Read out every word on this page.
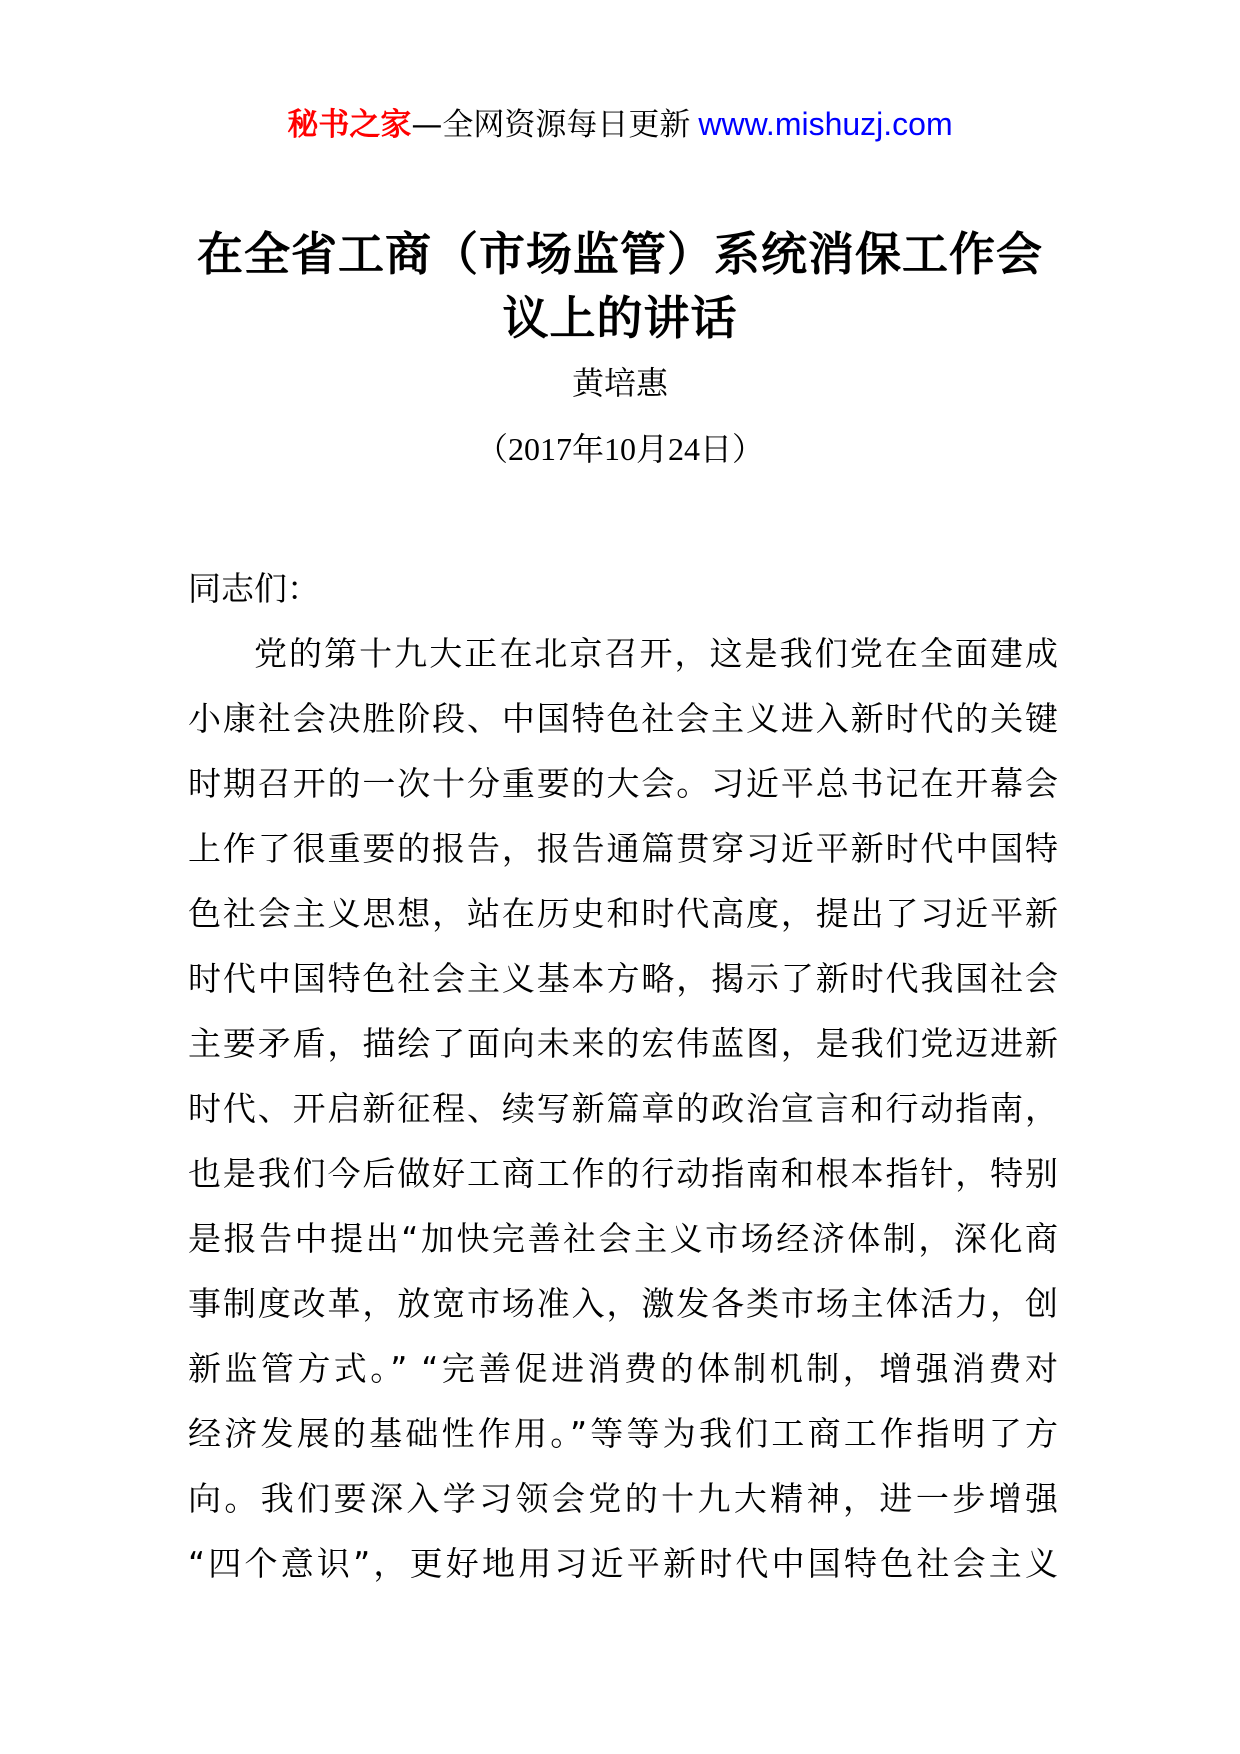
秘书之家—全网资源每日更新 www.mishuzj.com
在全省工商（市场监管）系统消保工作会
议上的讲话
黄培惠
（2017年10月24日）
同志们：
党的第十九大正在北京召开，这是我们党在全面建成
小康社会决胜阶段、中国特色社会主义进入新时代的关键
时期召开的一次十分重要的大会。习近平总书记在开幕会
上作了很重要的报告，报告通篇贯穿习近平新时代中国特
色社会主义思想，站在历史和时代高度，提出了习近平新
时代中国特色社会主义基本方略，揭示了新时代我国社会
主要矛盾，描绘了面向未来的宏伟蓝图，是我们党迈进新
时代、开启新征程、续写新篇章的政治宣言和行动指南，
也是我们今后做好工商工作的行动指南和根本指针，特别
是报告中提出“加快完善社会主义市场经济体制，深化商
事制度改革，放宽市场准入，激发各类市场主体活力，创
新监管方式。” “完善促进消费的体制机制，增强消费对
经济发展的基础性作用。”等等为我们工商工作指明了方
向。我们要深入学习领会党的十九大精神，进一步增强
“四个意识”，更好地用习近平新时代中国特色社会主义
